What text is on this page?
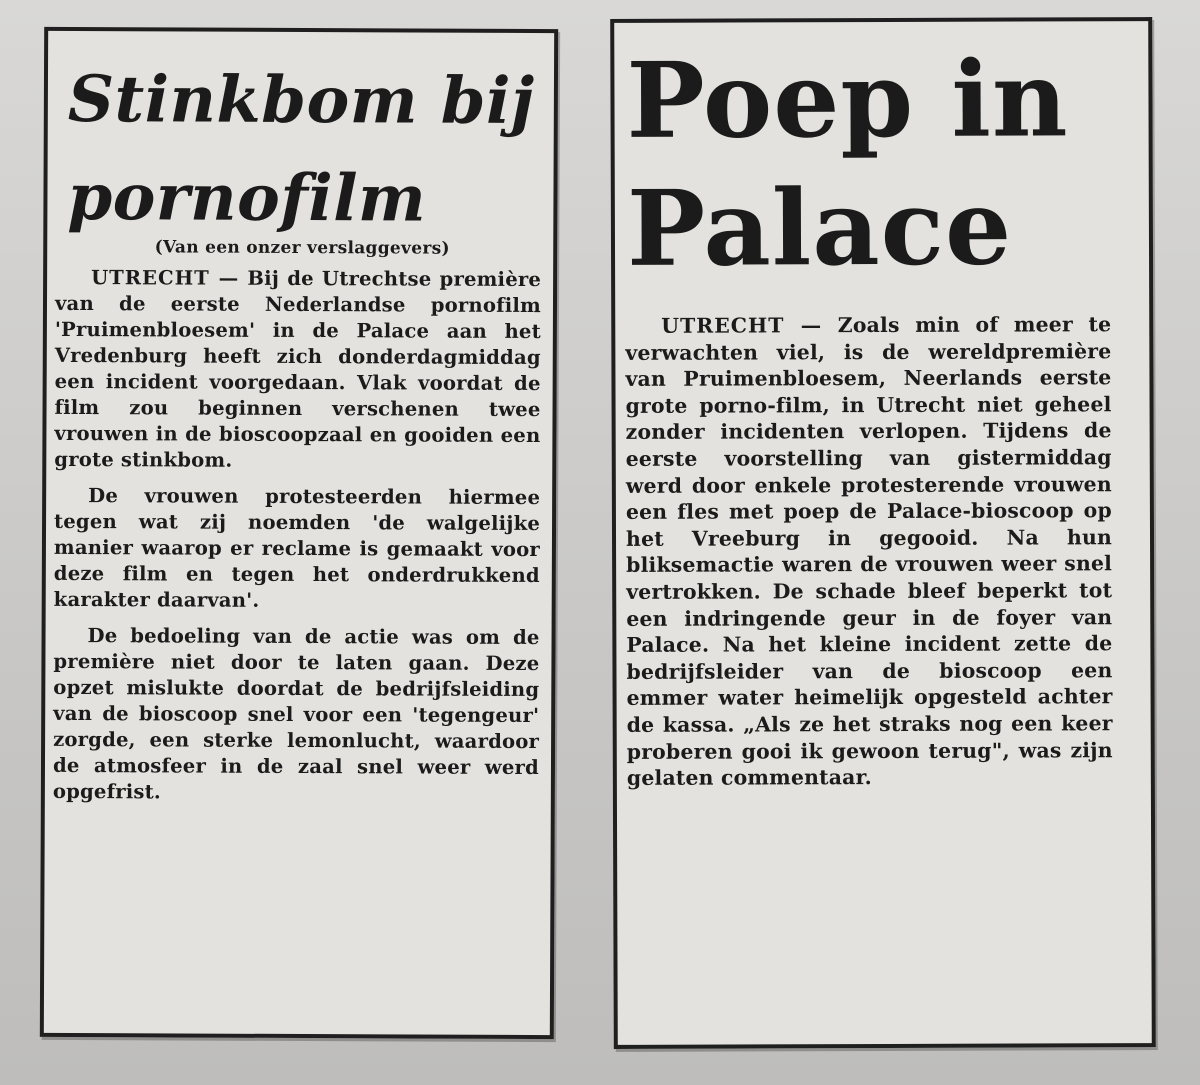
Stinkbom bij pornofilm
(Van een onzer verslaggevers)

UTRECHT — Bij de Utrechtse première van de eerste Nederlandse pornofilm 'Pruimenbloesem' in de Palace aan het Vredenburg heeft zich donderdagmiddag een incident voorgedaan. Vlak voordat de film zou beginnen verschenen twee vrouwen in de bioscoopzaal en gooiden een grote stinkbom.

De vrouwen protesteerden hiermee tegen wat zij noemden 'de walgelijke manier waarop er reclame is gemaakt voor deze film en tegen het onderdrukkend karakter daarvan'.

De bedoeling van de actie was om de première niet door te laten gaan. Deze opzet mislukte doordat de bedrijfsleiding van de bioscoop snel voor een 'tegengeur' zorgde, een sterke lemonlucht, waardoor de atmosfeer in de zaal snel weer werd opgefrist.

Poep in Palace

UTRECHT — Zoals min of meer te verwachten viel, is de wereldpremière van Pruimenbloesem, Neerlands eerste grote porno-film, in Utrecht niet geheel zonder incidenten verlopen. Tijdens de eerste voorstelling van gistermiddag werd door enkele protesterende vrouwen een fles met poep de Palace-bioscoop op het Vreeburg in gegooid. Na hun bliksemactie waren de vrouwen weer snel vertrokken. De schade bleef beperkt tot een indringende geur in de foyer van Palace. Na het kleine incident zette de bedrijfsleider van de bioscoop een emmer water heimelijk opgesteld achter de kassa. „Als ze het straks nog een keer proberen gooi ik gewoon terug", was zijn gelaten commentaar.
